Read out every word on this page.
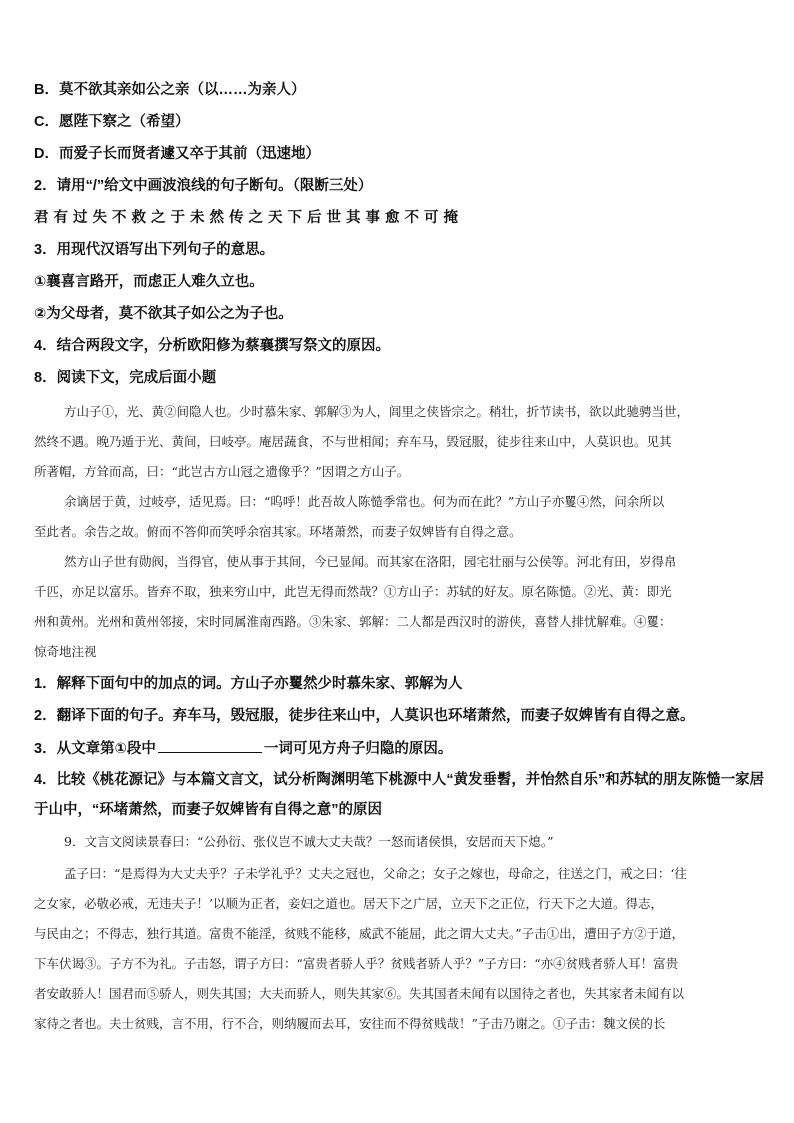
B．莫不欲其亲如公之亲（以……为亲人）
C．愿陛下察之（希望）
D．而爱子长而贤者遽又卒于其前（迅速地）
2．请用“/”给文中画波浪线的句子断句。（限断三处）
君有过失不救之于未然传之天下后世其事愈不可掩
3．用现代汉语写出下列句子的意思。
①襄喜言路开，而虑正人难久立也。
②为父母者，莫不欲其子如公之为子也。
4．结合两段文字，分析欧阳修为蔡襄撰写祭文的原因。
8．阅读下文，完成后面小题
方山子①，光、黄②间隐人也。少时慕朱家、郭解③为人，闾里之侠皆宗之。稍壮，折节读书，欲以此驰骋当世，
然终不遇。晚乃遁于光、黄间，曰岐亭。庵居蔬食，不与世相闻；弃车马，毁冠服，徒步往来山中，人莫识也。见其
所著帽，方耸而高，曰：“此岂古方山冠之遗像乎？”因谓之方山子。
余谪居于黄，过岐亭，适见焉。曰：“呜呼！此吾故人陈慥季常也。何为而在此？”方山子亦矍④然，问余所以
至此者。余告之故。俯而不答仰而笑呼余宿其家。环堵萧然，而妻子奴婢皆有自得之意。
然方山子世有勋阀，当得官，使从事于其间，今已显闻。而其家在洛阳，园宅壮丽与公侯等。河北有田，岁得帛
千匹，亦足以富乐。皆弃不取，独来穷山中，此岂无得而然哉？①方山子：苏轼的好友。原名陈慥。②光、黄：即光
州和黄州。光州和黄州邻接，宋时同属淮南西路。③朱家、郭解：二人都是西汉时的游侠，喜替人排忧解难。④矍：
惊奇地注视
1．解释下面句中的加点的词。方山子亦矍然少时慕朱家、郭解为人
2．翻译下面的句子。弃车马，毁冠服，徒步往来山中，人莫识也环堵萧然，而妻子奴婢皆有自得之意。
3．从文章第①段中	一词可见方舟子归隐的原因。
4．比较《桃花源记》与本篇文言文，试分析陶渊明笔下桃源中人“黄发垂髫，并怡然自乐”和苏轼的朋友陈慥一家居
于山中，“环堵萧然，而妻子奴婢皆有自得之意”的原因
9．文言文阅读景春曰：“公孙衍、张仪岂不诚大丈夫哉？一怒而诸侯惧，安居而天下熄。”
孟子曰：“是焉得为大丈夫乎？子未学礼乎？丈夫之冠也，父命之；女子之嫁也，母命之，往送之门，戒之曰：‘往
之女家，必敬必戒，无违夫子！’以顺为正者，妾妇之道也。居天下之广居，立天下之正位，行天下之大道。得志，
与民由之；不得志，独行其道。富贵不能淫，贫贱不能移，威武不能屈，此之谓大丈夫。”子击①出，遭田子方②于道，
下车伏谒③。子方不为礼。子击怒，谓子方曰：“富贵者骄人乎？贫贱者骄人乎？”子方曰：“亦④贫贱者骄人耳！富贵
者安敢骄人！国君而⑤骄人，则失其国；大夫而骄人，则失其家⑥。失其国者未闻有以国待之者也，失其家者未闻有以
家待之者也。夫士贫贱，言不用，行不合，则纳履而去耳，安往而不得贫贱哉！”子击乃谢之。①子击：魏文侯的长
